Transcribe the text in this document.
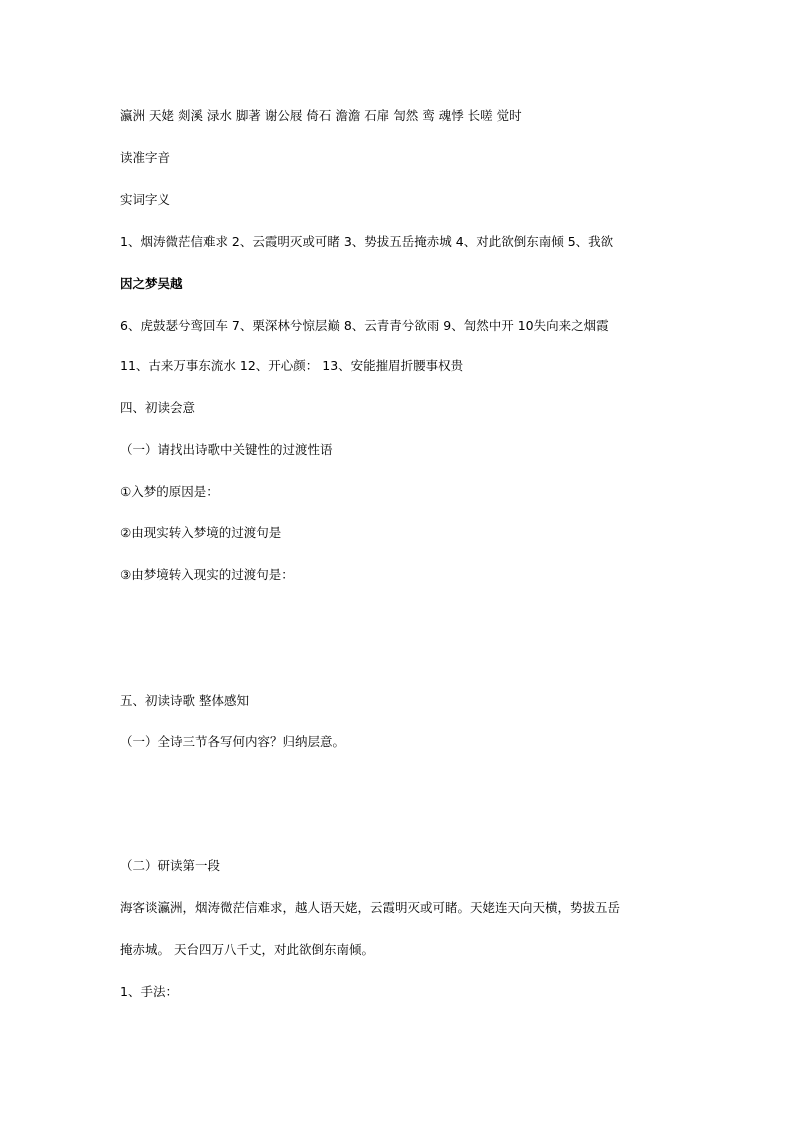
瀛洲 天姥 剡溪 渌水 脚著 谢公屐 倚石 澹澹 石扉 訇然 鸾 魂悸 长嗟 觉时
读准字音
实词字义
1、烟涛微茫信难求 2、云霞明灭或可睹 3、势拔五岳掩赤城 4、对此欲倒东南倾 5、我欲
因之梦吴越
6、虎鼓瑟兮鸾回车 7、栗深林兮惊层巅 8、云青青兮欲雨 9、訇然中开 10失向来之烟霞
11、古来万事东流水 12、开心颜： 13、安能摧眉折腰事权贵
四、初读会意
（一）请找出诗歌中关键性的过渡性语
①入梦的原因是：
②由现实转入梦境的过渡句是
③由梦境转入现实的过渡句是：
五、初读诗歌 整体感知
（一）全诗三节各写何内容？归纳层意。
（二）研读第一段
海客谈瀛洲，烟涛微茫信难求，越人语天姥，云霞明灭或可睹。天姥连天向天横，势拔五岳
掩赤城。 天台四万八千丈，对此欲倒东南倾。
1、手法：
